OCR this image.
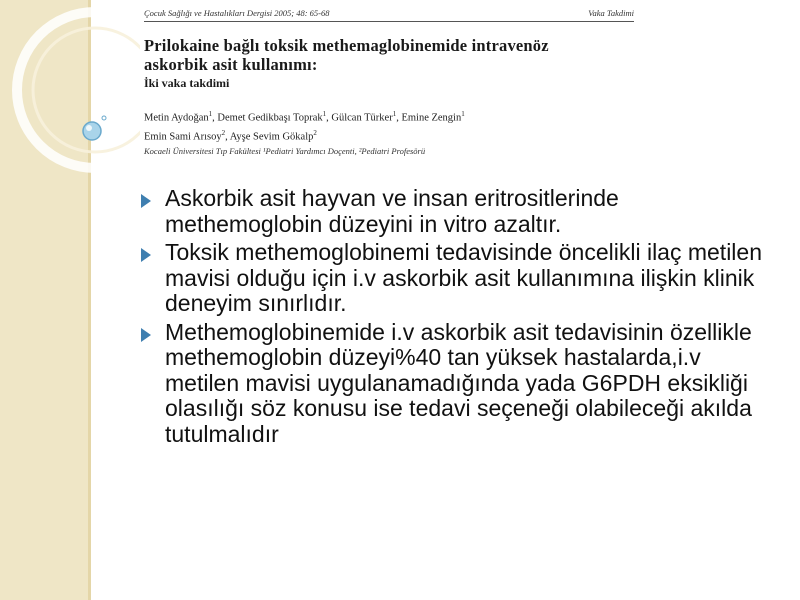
Çocuk Sağlığı ve Hastalıkları Dergisi 2005; 48: 65-68	Vaka Takdimi
Prilokaine bağlı toksik methemaglobinemide intravenöz
askorbik asit kullanımı:
İki vaka takdimi
Metin Aydoğan$^1$, Demet Gedikbaşı Toprak$^1$, Gülcan Türker$^1$, Emine Zengin$^1$
Emin Sami Arısoy$^2$, Ayşe Sevim Gökalp$^2$
Kocaeli Üniversitesi Tıp Fakültesi ¹Pediatri Yardımcı Doçenti, ²Pediatri Profesörü
Askorbik asit hayvan ve insan eritrositlerinde methemoglobin düzeyini in vitro azaltır.
Toksik methemoglobinemi tedavisinde öncelikli ilaç metilen mavisi olduğu için i.v askorbik asit kullanımına ilişkin klinik deneyim sınırlıdır.
Methemoglobinemide i.v askorbik asit tedavisinin özellikle methemoglobin düzeyi%40 tan yüksek hastalarda,i.v metilen mavisi uygulanamadığında yada G6PDH eksikliği olasılığı söz konusu ise tedavi seçeneği olabileceği akılda tutulmalıdır
